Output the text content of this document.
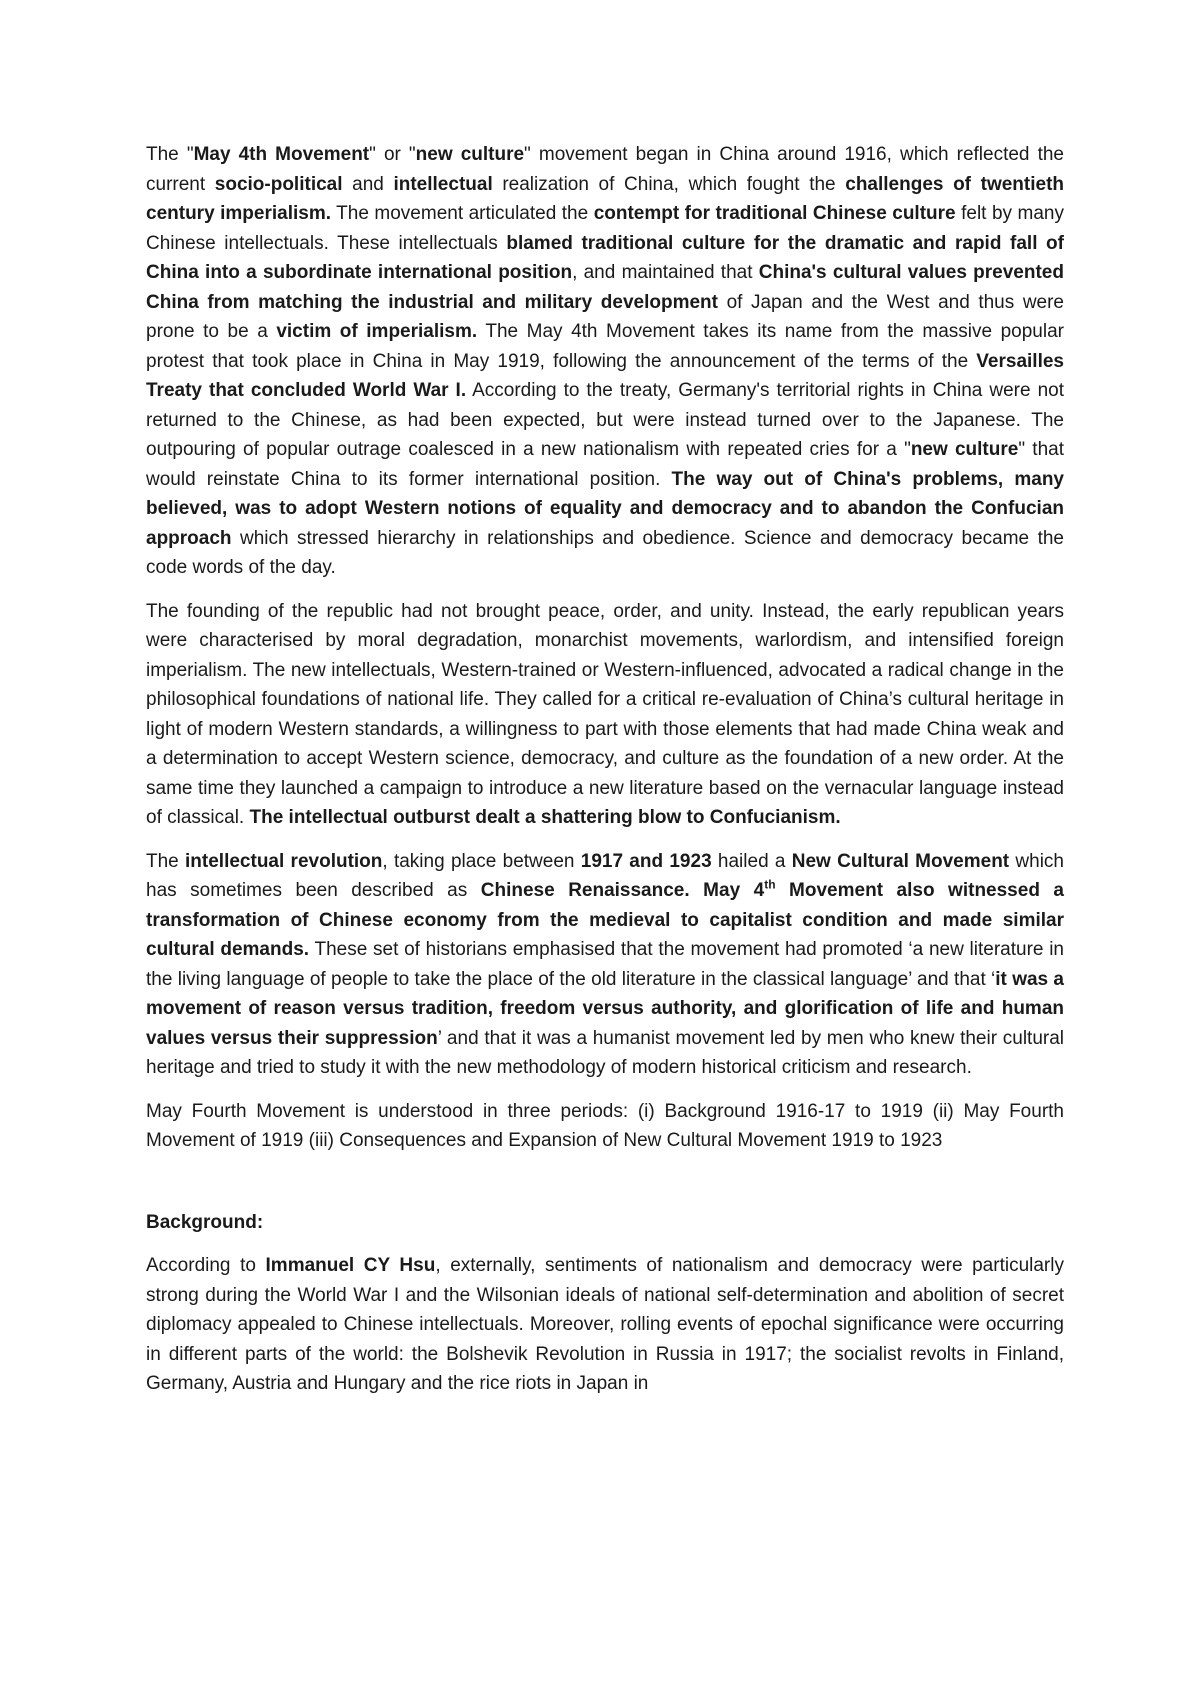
The "May 4th Movement" or "new culture" movement began in China around 1916, which reflected the current socio-political and intellectual realization of China, which fought the challenges of twentieth century imperialism. The movement articulated the contempt for traditional Chinese culture felt by many Chinese intellectuals. These intellectuals blamed traditional culture for the dramatic and rapid fall of China into a subordinate international position, and maintained that China's cultural values prevented China from matching the industrial and military development of Japan and the West and thus were prone to be a victim of imperialism. The May 4th Movement takes its name from the massive popular protest that took place in China in May 1919, following the announcement of the terms of the Versailles Treaty that concluded World War I. According to the treaty, Germany's territorial rights in China were not returned to the Chinese, as had been expected, but were instead turned over to the Japanese. The outpouring of popular outrage coalesced in a new nationalism with repeated cries for a "new culture" that would reinstate China to its former international position. The way out of China's problems, many believed, was to adopt Western notions of equality and democracy and to abandon the Confucian approach which stressed hierarchy in relationships and obedience. Science and democracy became the code words of the day.

The founding of the republic had not brought peace, order, and unity. Instead, the early republican years were characterised by moral degradation, monarchist movements, warlordism, and intensified foreign imperialism. The new intellectuals, Western-trained or Western-influenced, advocated a radical change in the philosophical foundations of national life. They called for a critical re-evaluation of China’s cultural heritage in light of modern Western standards, a willingness to part with those elements that had made China weak and a determination to accept Western science, democracy, and culture as the foundation of a new order. At the same time they launched a campaign to introduce a new literature based on the vernacular language instead of classical. The intellectual outburst dealt a shattering blow to Confucianism.

The intellectual revolution, taking place between 1917 and 1923 hailed a New Cultural Movement which has sometimes been described as Chinese Renaissance. May 4th Movement also witnessed a transformation of Chinese economy from the medieval to capitalist condition and made similar cultural demands. These set of historians emphasised that the movement had promoted ‘a new literature in the living language of people to take the place of the old literature in the classical language’ and that ‘it was a movement of reason versus tradition, freedom versus authority, and glorification of life and human values versus their suppression’ and that it was a humanist movement led by men who knew their cultural heritage and tried to study it with the new methodology of modern historical criticism and research.

May Fourth Movement is understood in three periods: (i) Background 1916-17 to 1919 (ii) May Fourth Movement of 1919 (iii) Consequences and Expansion of New Cultural Movement 1919 to 1923

Background:

According to Immanuel CY Hsu, externally, sentiments of nationalism and democracy were particularly strong during the World War I and the Wilsonian ideals of national self-determination and abolition of secret diplomacy appealed to Chinese intellectuals. Moreover, rolling events of epochal significance were occurring in different parts of the world: the Bolshevik Revolution in Russia in 1917; the socialist revolts in Finland, Germany, Austria and Hungary and the rice riots in Japan in
